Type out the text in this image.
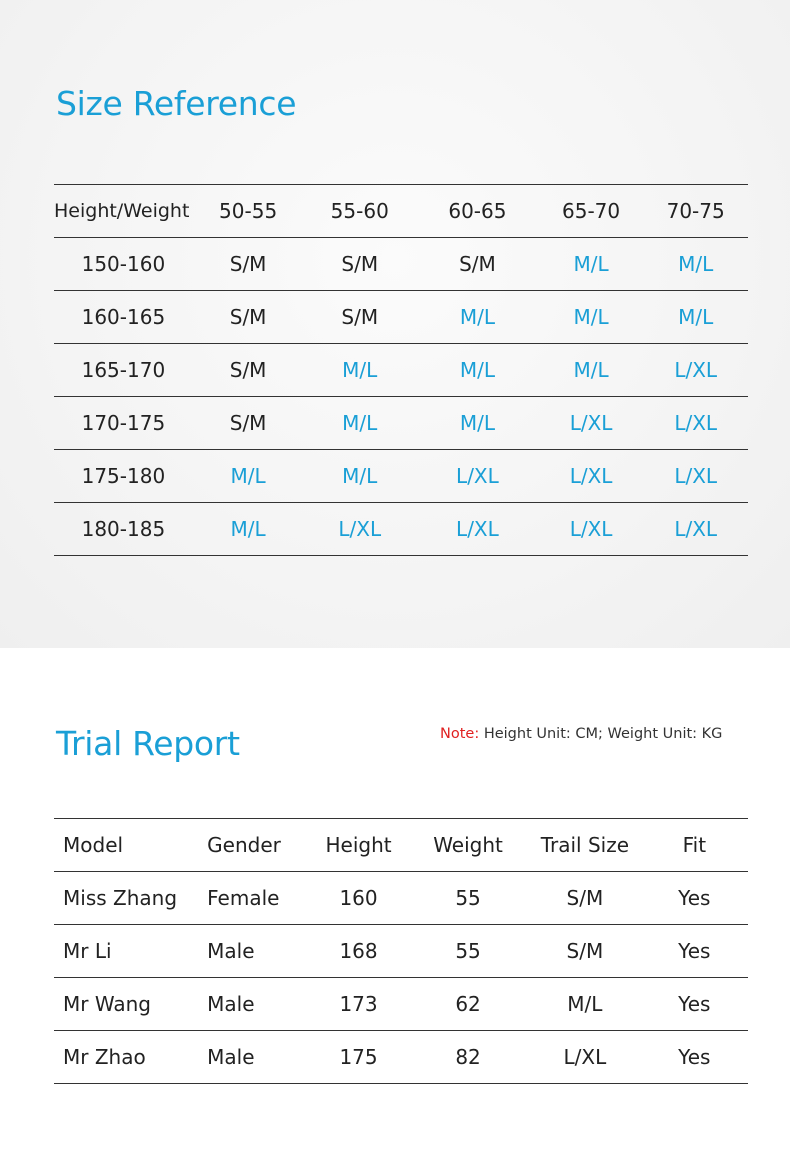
Size Reference
Height/Weight	50-55	55-60	60-65	65-70	70-75
150-160	S/M	S/M	S/M	M/L	M/L
160-165	S/M	S/M	M/L	M/L	M/L
165-170	S/M	M/L	M/L	M/L	L/XL
170-175	S/M	M/L	M/L	L/XL	L/XL
175-180	M/L	M/L	L/XL	L/XL	L/XL
180-185	M/L	L/XL	L/XL	L/XL	L/XL
Trial Report	Note: Height Unit: CM; Weight Unit: KG
Model	Gender	Height	Weight	Trail Size	Fit
Miss Zhang	Female	160	55	S/M	Yes
Mr Li	Male	168	55	S/M	Yes
Mr Wang	Male	173	62	M/L	Yes
Mr Zhao	Male	175	82	L/XL	Yes
